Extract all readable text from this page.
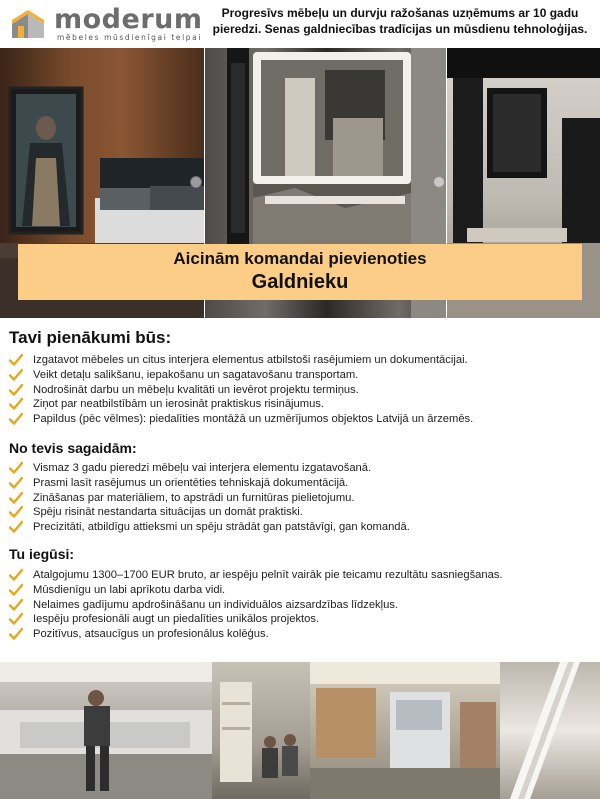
moderum
mēbeles mūsdienīgai telpai
Progresīvs mēbeļu un durvju ražošanas uzņēmums ar 10 gadu
pieredzi. Senas galdniecības tradīcijas un mūsdienu tehnoloģijas.
Aicinām komandai pievienoties
Galdnieku
Tavi pienākumi būs:
Izgatavot mēbeles un citus interjera elementus atbilstoši rasējumiem un dokumentācijai.
Veikt detaļu salikšanu, iepakošanu un sagatavošanu transportam.
Nodrošināt darbu un mēbeļu kvalitāti un ievērot projektu termiņus.
Ziņot par neatbilstībām un ierosināt praktiskus risinājumus.
Papildus (pēc vēlmes): piedalīties montāžā un uzmērījumos objektos Latvijā un ārzemēs.
No tevis sagaidām:
Vismaz 3 gadu pieredzi mēbeļu vai interjera elementu izgatavošanā.
Prasmi lasīt rasējumus un orientēties tehniskajā dokumentācijā.
Zināšanas par materiāliem, to apstrādi un furnitūras pielietojumu.
Spēju risināt nestandarta situācijas un domāt praktiski.
Precizitāti, atbildīgu attieksmi un spēju strādāt gan patstāvīgi, gan komandā.
Tu iegūsi:
Atalgojumu 1300–1700 EUR bruto, ar iespēju pelnīt vairāk pie teicamu rezultātu sasniegšanas.
Mūsdienīgu un labi aprīkotu darba vidi.
Nelaimes gadījumu apdrošināšanu un individuālos aizsardzības līdzekļus.
Iespēju profesionāli augt un piedalīties unikālos projektos.
Pozitīvus, atsaucīgus un profesionālus kolēģus.
